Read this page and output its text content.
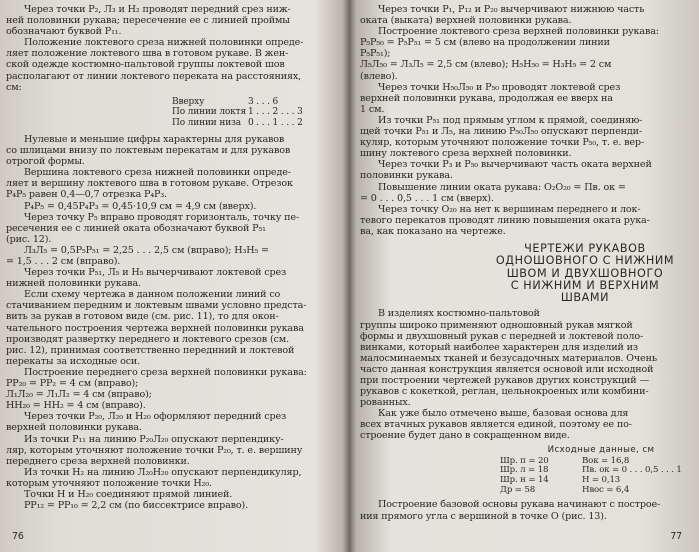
Через точки P₂, Л₃ и H₂ проводят передний срез ниж-

ней половинки рукава; пересечение ее с линией проймы

обозначают буквой P₁₁.

Положение локтевого среза нижней половинки опреде-

ляет положение локтевого шва в готовом рукаве. В жен-

ской одежде костюмно-пальтовой группы локтевой шов

располагают от линии локтевого переката на расстояниях,

см:

Вверху	3 . . . 6
По линии локтя 1 . . . 2 . . . 3
По линии низа 0 . . . 1 . . . 2

Нулевые и меньшие цифры характерны для рукавов

со шлицами внизу по локтевым перекатам и для рукавов

отрогой формы.

Вершина локтевого среза нижней половинки опреде-

ляет и вершину локтевого шва в готовом рукаве. Отрезок

P₄P₅ равен 0,4—0,7 отрезка P₄P₃.

P₄P₅ = 0,45P₄P₃ = 0,45·10,9 см = 4,9 см (вверх).

Через точку P₅ вправо проводят горизонталь, точку пе-

ресечения ее с линией оката обозначают буквой P₅₁

(рис. 12).

Л₃Л₅ = 0,5P₅P₅₁ = 2,25 . . . 2,5 см (вправо); H₃H₅ =

= 1,5 . . . 2 см (вправо).

Через точки P₅₁, Л₅ и H₅ вычерчивают локтевой срез

нижней половинки рукава.

Если схему чертежа в данном положении линий со

стачиванием передним и локтевым швами условно предста-

вить за рукав в готовом виде (см. рис. 11), то для окон-

чательного построения чертежа верхней половинки рукава

производят развертку переднего и локтевого срезов (см.

рис. 12), принимая соответственно переднний и локтевой

перекаты за исходные оси.

Построение переднего среза верхней половинки рукава:

PP₂₀ = PP₂ = 4 см (вправо);

Л₁Л₂₀ = Л₁Л₂ = 4 см (вправо);

HH₂₀ = HH₂ = 4 см (вправо).

Через точки P₂₀, Л₂₀ и H₂₀ оформляют передний срез

верхней половинки рукава.

Из точки P₁₁ на линию P₂₀Л₂₀ опускают перпендику-

ляр, которым уточняют положение точки P₂₀, т. е. вершину

переднего среза верхней половинки.

Из точки H₂ на линию Л₂₀H₂₀ опускают перпендикуляр,

которым уточняют положение точки H₂₀.

Точки H и H₂₀ соединяют прямой линией.

PP₁₂ = PP₁₀ = 2,2 см (по биссектрисе вправо).

76

Через точки P₁, P₁₂ и P₂₀ вычерчивают нижнюю часть

оката (выката) верхней половинки рукава.

Построение локтевого среза верхней половинки рукава:

P₅P₅₀ = P₅P₅₁ = 5 см (влево на продолжении линии

P₅P₅₁);

Л₅Л₅₀ = Л₃Л₅ = 2,5 см (влево); H₅H₅₀ = H₃H₅ = 2 см

(влево).

Через точки H₅₀Л₅₀ и P₅₀ проводят локтевой срез

верхней половинки рукава, продолжая ее вверх на

1 см.

Из точки P₅₁ под прямым углом к прямой, соединяю-

щей точки P₅₁ и Л₅, на линию P₅₀Л₅₀ опускают перпенди-

куляр, которым уточняют положение точки P₅₀, т. е. вер-

шину локтевого среза верхней половинки.

Через точки P₃ и P₅₀ вычерчивают часть оката верхней

половинки рукава.

Повышение линии оката рукава: O₂O₂₀ = Пв. ок =

= 0 . . . 0,5 . . . 1 см (вверх).

Через точку O₂₀ на нет к вершинам переднего и лок-

тевого перекатов проводят линию повышения оката рука-

ва, как показано на чертеже.

ЧЕРТЕЖИ РУКАВОВ
ОДНОШОВНОГО С НИЖНИМ
ШВОМ И ДВУХШОВНОГО
С НИЖНИМ И ВЕРХНИМ
ШВАМИ

В изделиях костюмно-пальтовой

группы широко применяют одношовный рукав мягкой

формы и двухшовный рукав с передней и локтевой поло-

винками, который наиболее характерен для изделий из

малосминаемых тканей и безусадочных материалов. Очень

часто данная конструкция является основой или исходной

при построении чертежей рукавов других конструкций —

рукавов с кокеткой, реглан, цельнокроеных или комбини-

рованных.

Как уже было отмечено выше, базовая основа для

всех втачных рукавов является единой, поэтому ее по-

строение будет дано в сокращенном виде.

Исходные данные, см
Шр. п = 20
Шр. л = 18
Шр. н = 14
Др = 58
Вок = 16,8
Пв. ок = 0 . . . 0,5 . . . 1
H = 0,13
Нвос = 6,4

Построение базовой основы рукава начинают с построе-

ния прямого угла с вершиной в точке O (рис. 13).

77
